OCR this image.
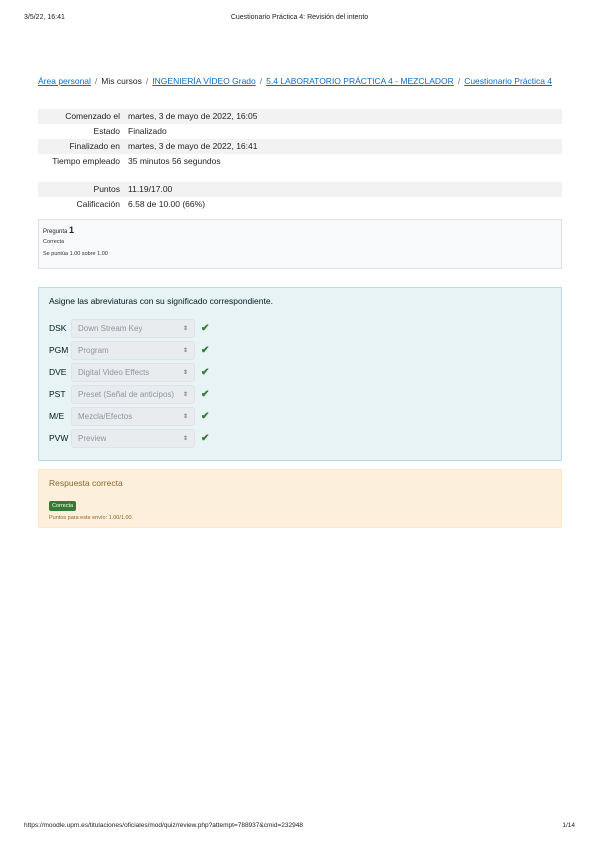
3/5/22, 16:41	Cuestionario Práctica 4: Revisión del intento
Área personal / Mis cursos / INGENIERÍA VÍDEO Grado / 5.4 LABORATORIO PRÁCTICA 4 - MEZCLADOR / Cuestionario Práctica 4
Comenzado el	martes, 3 de mayo de 2022, 16:05
Estado	Finalizado
Finalizado en	martes, 3 de mayo de 2022, 16:41
Tiempo empleado	35 minutos 56 segundos
Puntos	11.19/17.00
Calificación	6.58 de 10.00 (66%)
Pregunta 1
Correcta
Se puntúa 1.00 sobre 1.00
Asigne las abreviaturas con su significado correspondiente.
DSK	Down Stream Key	⇕ ✔
PGM	Program	⇕ ✔
DVE	Digital Video Effects	⇕ ✔
PST	Preset (Señal de anticipos) ⇕ ✔
M/E	Mezcla/Efectos	⇕ ✔
PVW	Preview	⇕ ✔
Respuesta correcta
Correcta
Puntos para este envío: 1.00/1.00.
https://moodle.upm.es/titulaciones/oficiales/mod/quiz/review.php?attempt=788937&cmid=232948	1/14
